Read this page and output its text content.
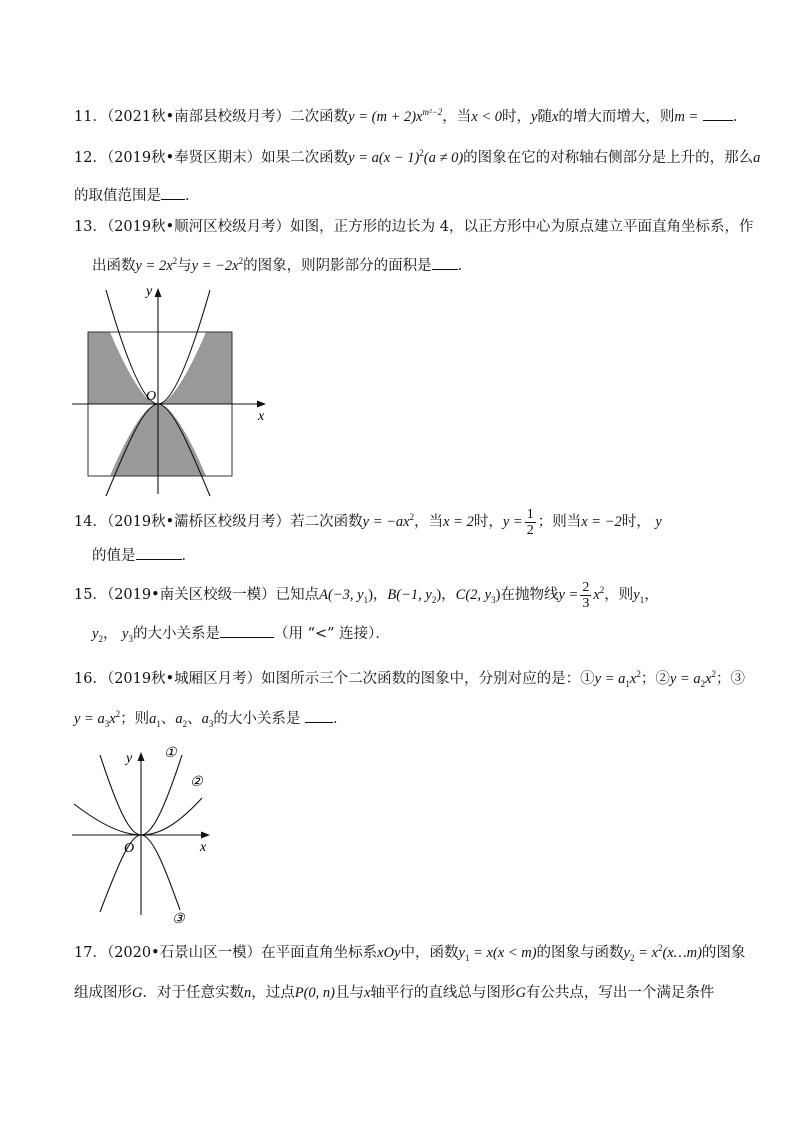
11．（2021秋•南部县校级月考）二次函数$y = (m + 2)x^{m^2-2}$，当x < 0时，y随x的增大而增大，则m = ．
12．（2019秋•奉贤区期末）如果二次函数$y = a(x - 1)^2(a \ne 0)$的图象在它的对称轴右侧部分是上升的，那么a
的取值范围是 ．
13．（2019秋•顺河区校级月考）如图，正方形的边长为 4，以正方形中心为原点建立平面直角坐标系，作
出函数$y = 2x^2$与$y = -2x^2$的图象，则阴影部分的面积是 ．
y
x
O
14．（2019秋•灞桥区校级月考）若二次函数$y = -ax^2$，当x = 2时，$y = \frac{1}{2}$ ；则当x = −2时， y
的值是	．
15．（2019•南关区校级一模）已知点A(−3, $y_1$)，B(−1, $y_2$)，C(2, $y_3$)在抛物线$y = \frac{2}{3} x^2$，则$y_1$，
$y_2$， $y_3$的大小关系是	（用 “<” 连接）．
16．（2019秋•城厢区月考）如图所示三个二次函数的图象中，分别对应的是：①y = $a_1x^2$；②y = $a_2x^2$；③
$y = a_3x^2$；则$a_1$、$a_2$、$a_3$的大小关系是 ．
y
x
O
①
②
③
17．（2020•石景山区一模）在平面直角坐标系xOy中，函数$y_1 = x(x < m)$的图象与函数$y_2$ = $x^2(x\dots m)$的图象
组成图形G．对于任意实数n，过点P(0, n)且与x轴平行的直线总与图形G有公共点，写出一个满足条件
